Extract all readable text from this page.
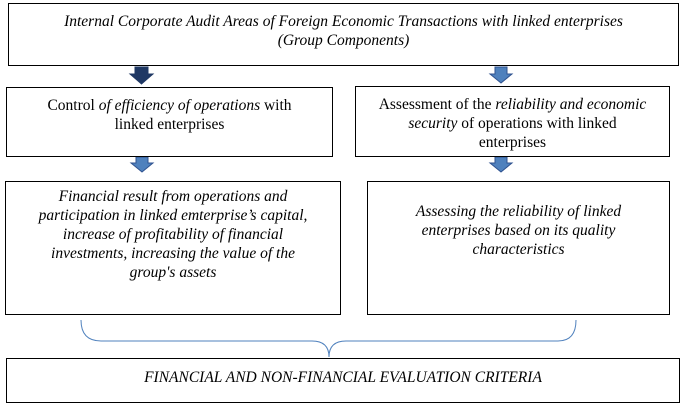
Internal Corporate Audit Areas of Foreign Economic Transactions with linked enterprises
(Group Components)
Control of efficiency of operations with linked enterprises
Assessment of the reliability and economic security of operations with linked enterprises
Financial result from operations and participation in linked emterprise’s capital, increase of profitability of financial investments, increasing the value of the group's assets
Assessing the reliability of linked enterprises based on its quality characteristics
FINANCIAL AND NON-FINANCIAL EVALUATION CRITERIA
